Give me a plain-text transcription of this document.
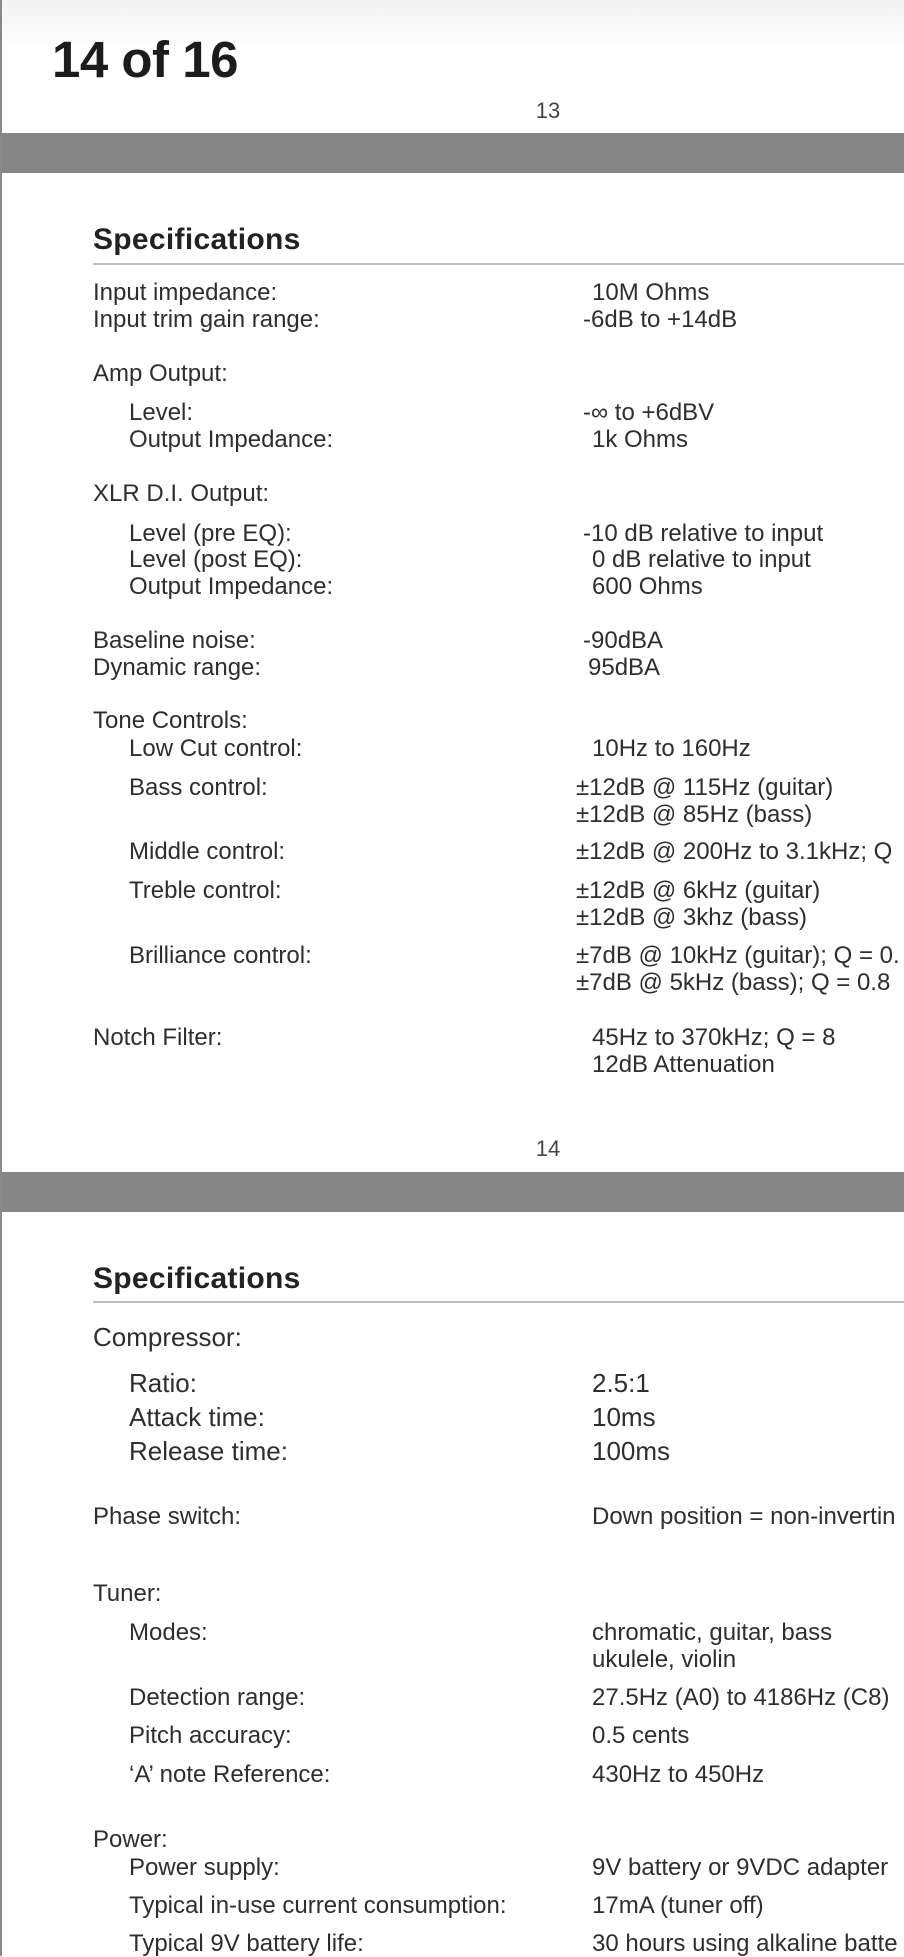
14 of 16
13
Specifications
Input impedance:	10M Ohms
Input trim gain range:	-6dB to +14dB
Amp Output:
Level:	-∞ to +6dBV
Output Impedance:	1k Ohms
XLR D.I. Output:
Level (pre EQ):	-10 dB relative to input
Level (post EQ):	0 dB relative to input
Output Impedance:	600 Ohms
Baseline noise:	-90dBA
Dynamic range:	95dBA
Tone Controls:
Low Cut control:	10Hz to 160Hz
Bass control:	±12dB @ 115Hz (guitar)
±12dB @ 85Hz (bass)
Middle control:	±12dB @ 200Hz to 3.1kHz; Q
Treble control:	±12dB @ 6kHz (guitar)
±12dB @ 3khz (bass)
Brilliance control:	±7dB @ 10kHz (guitar); Q = 0.
±7dB @ 5kHz (bass); Q = 0.8
Notch Filter:	45Hz to 370kHz; Q = 8
12dB Attenuation
14
Specifications
Compressor:
Ratio:	2.5:1
Attack time:	10ms
Release time:	100ms
Phase switch:	Down position = non-invertin
Tuner:
Modes:	chromatic, guitar, bass
ukulele, violin
Detection range:	27.5Hz (A0) to 4186Hz (C8)
Pitch accuracy:	0.5 cents
‘A’ note Reference:	430Hz to 450Hz
Power:
Power supply:	9V battery or 9VDC adapter
Typical in-use current consumption:	17mA (tuner off)
Typical 9V battery life:	30 hours using alkaline batte
